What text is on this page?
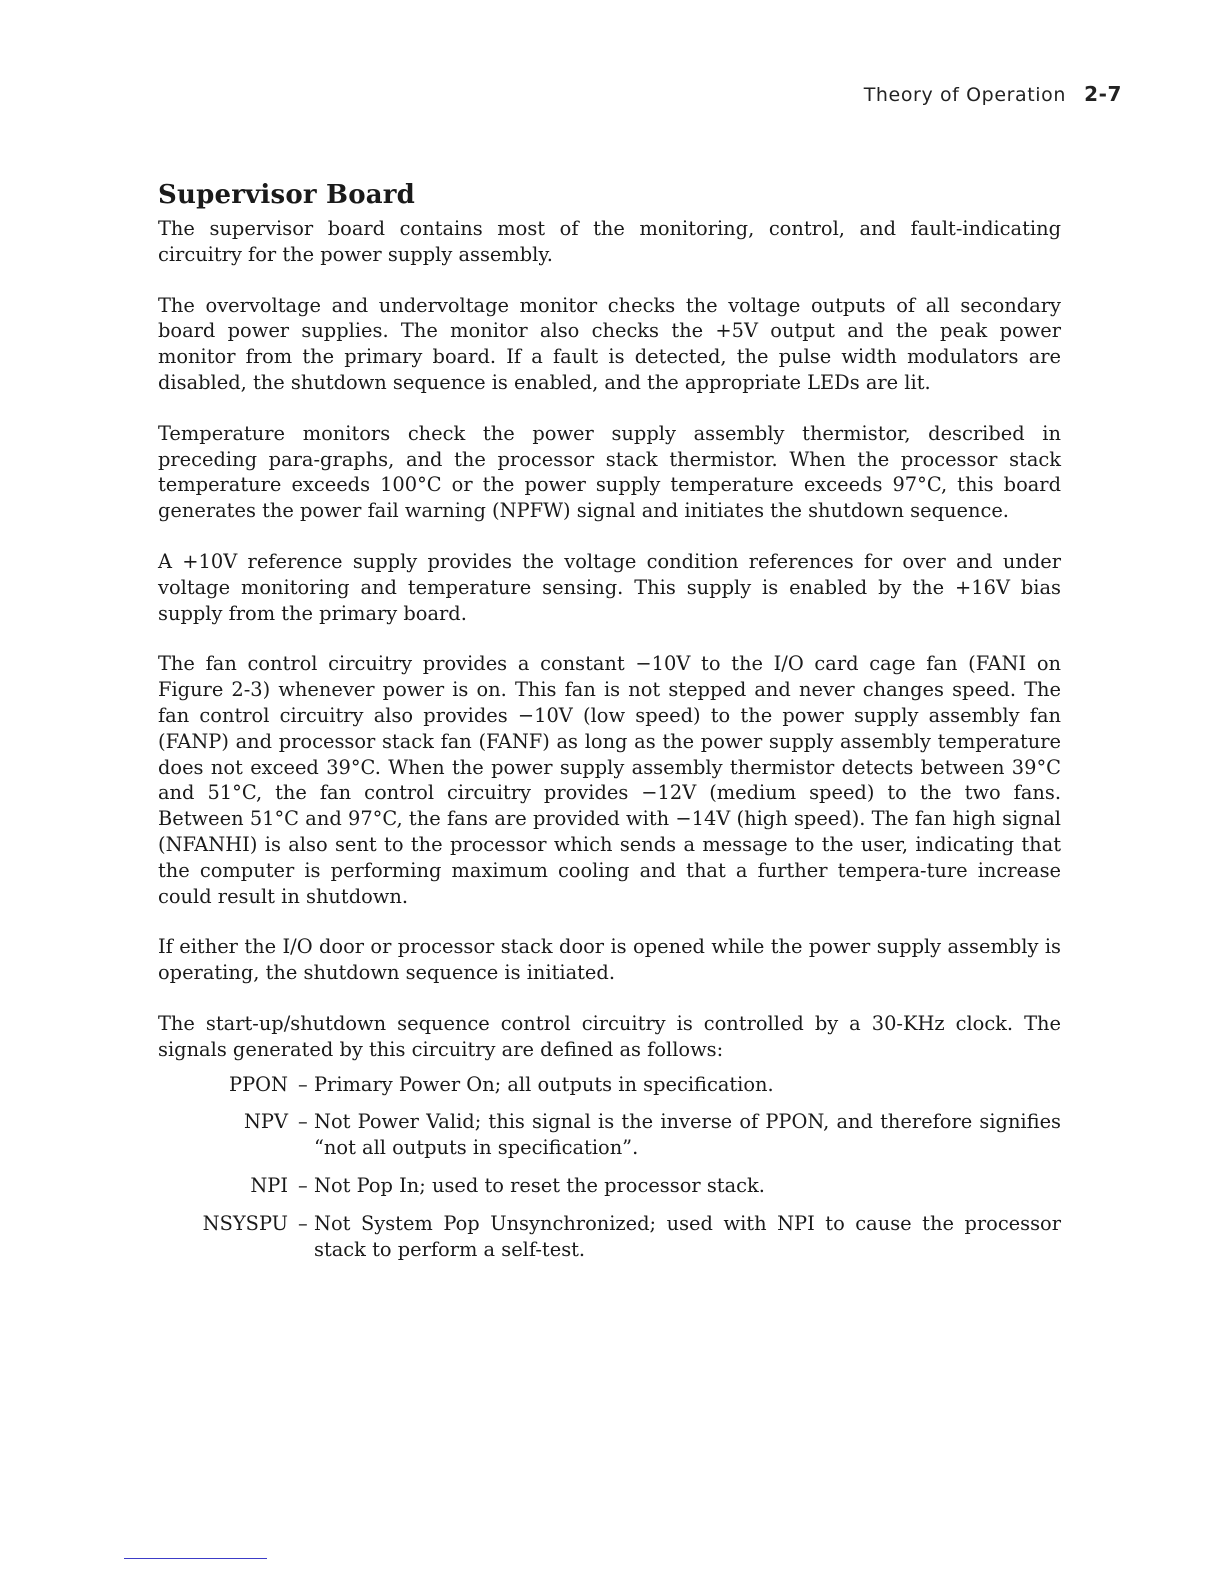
Theory of Operation 2-7
Supervisor Board

The supervisor board contains most of the monitoring, control, and fault-indicating circuitry for the power supply assembly.

The overvoltage and undervoltage monitor checks the voltage outputs of all secondary board power supplies. The monitor also checks the +5V output and the peak power monitor from the primary board. If a fault is detected, the pulse width modulators are disabled, the shutdown sequence is enabled, and the appropriate LEDs are lit.

Temperature monitors check the power supply assembly thermistor, described in preceding para-graphs, and the processor stack thermistor. When the processor stack temperature exceeds 100°C or the power supply temperature exceeds 97°C, this board generates the power fail warning (NPFW) signal and initiates the shutdown sequence.

A +10V reference supply provides the voltage condition references for over and under voltage monitoring and temperature sensing. This supply is enabled by the +16V bias supply from the primary board.

The fan control circuitry provides a constant −10V to the I/O card cage fan (FANI on Figure 2-3) whenever power is on. This fan is not stepped and never changes speed. The fan control circuitry also provides −10V (low speed) to the power supply assembly fan (FANP) and processor stack fan (FANF) as long as the power supply assembly temperature does not exceed 39°C. When the power supply assembly thermistor detects between 39°C and 51°C, the fan control circuitry provides −12V (medium speed) to the two fans. Between 51°C and 97°C, the fans are provided with −14V (high speed). The fan high signal (NFANHI) is also sent to the processor which sends a message to the user, indicating that the computer is performing maximum cooling and that a further tempera-ture increase could result in shutdown.

If either the I/O door or processor stack door is opened while the power supply assembly is operating, the shutdown sequence is initiated.

The start-up/shutdown sequence control circuitry is controlled by a 30-KHz clock. The signals generated by this circuitry are defined as follows:

PPON – Primary Power On; all outputs in specification.
NPV – Not Power Valid; this signal is the inverse of PPON, and therefore signifies “not all outputs in specification”.
NPI – Not Pop In; used to reset the processor stack.
NSYSPU – Not System Pop Unsynchronized; used with NPI to cause the processor stack to perform a self-test.
